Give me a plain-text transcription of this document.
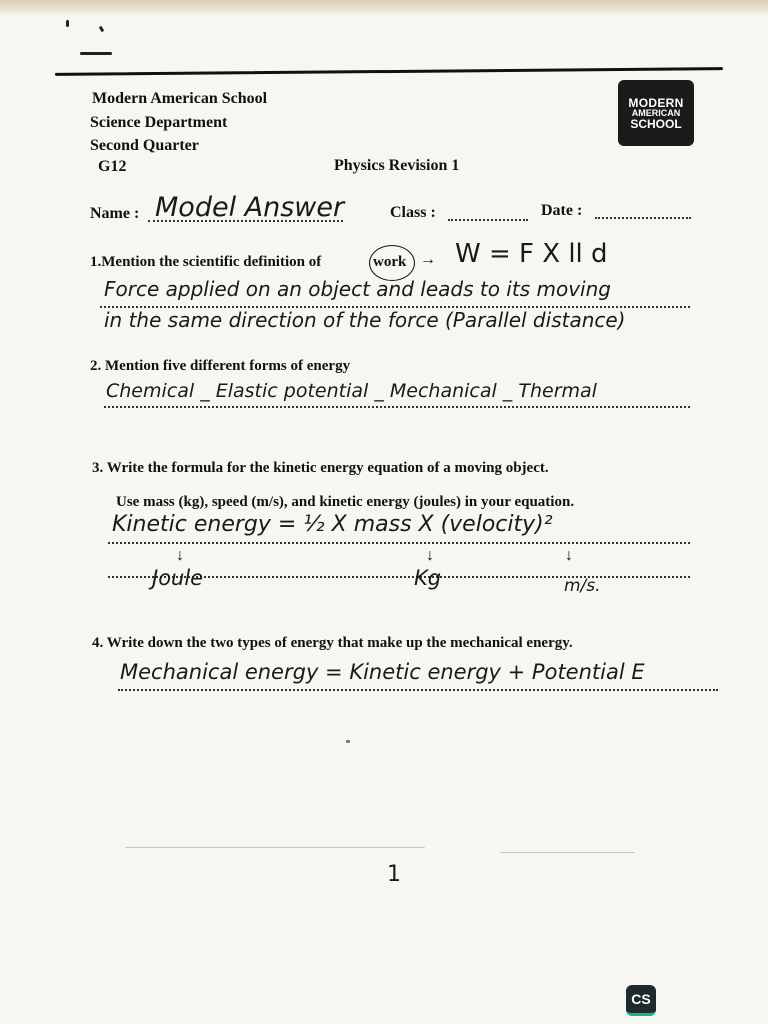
Modern American School
Science Department
Second Quarter
G12	Physics Revision 1
MODERN
AMERICAN
SCHOOL
Name : Model Answer	Class :	Date :
1.Mention the scientific definition of	work → W = F X ll d
Force applied on an object and leads to its moving
in the same direction of the force (Parallel distance)
2. Mention five different forms of energy
Chemical _ Elastic potential _ Mechanical _ Thermal
3. Write the formula for the kinetic energy equation of a moving object.
Use mass (kg), speed (m/s), and kinetic energy (joules) in your equation.
Kinetic energy = ½ X mass X (velocity)²
↓	↓	↓
Joule	Kg	m/s.
4. Write down the two types of energy that make up the mechanical energy.
Mechanical energy = Kinetic energy + Potential E
1
CS
